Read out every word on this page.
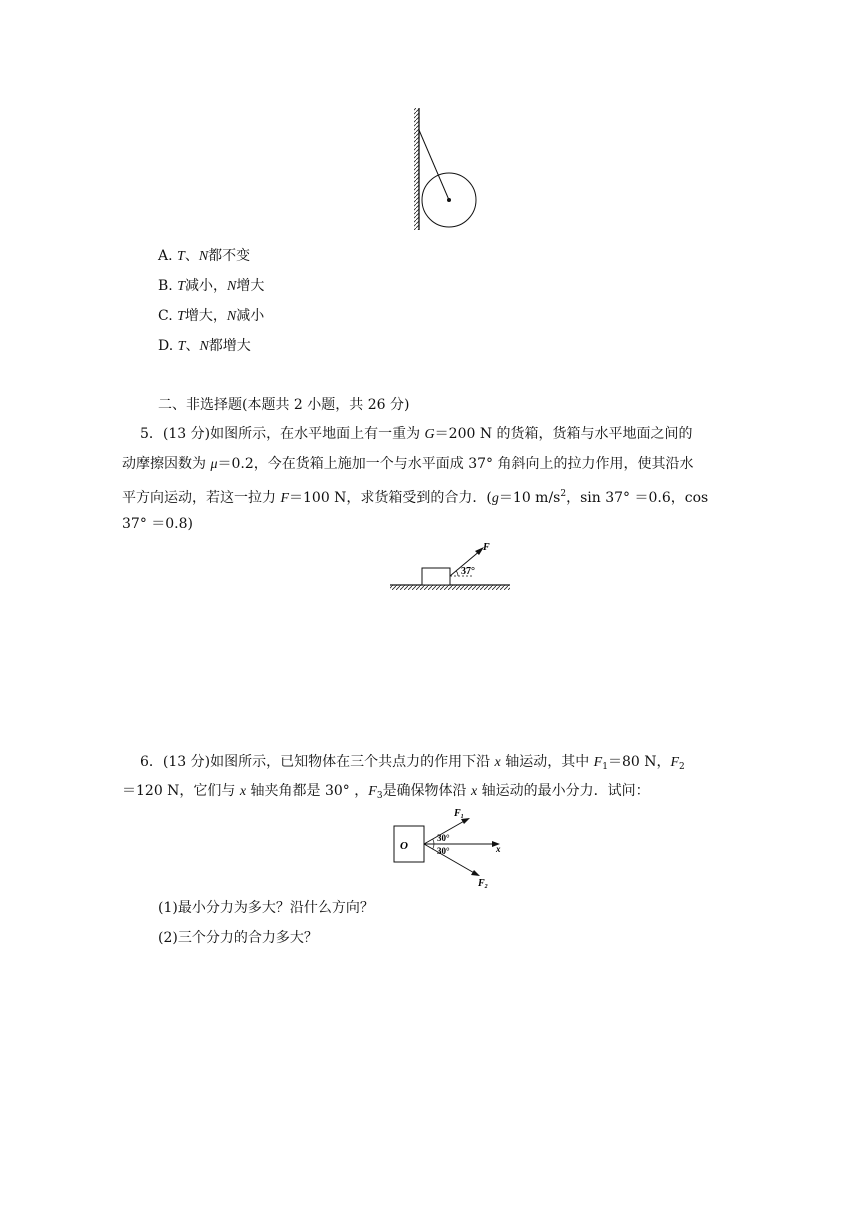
A. T、N都不变
B. T减小，N增大
C. T增大，N减小
D. T、N都增大
二、非选择题(本题共 2 小题，共 26 分)
5．(13 分)如图所示，在水平地面上有一重为 G＝200 N 的货箱，货箱与水平地面之间的
动摩擦因数为 μ＝0.2，今在货箱上施加一个与水平面成 37° 角斜向上的拉力作用，使其沿水
平方向运动，若这一拉力 F＝100 N，求货箱受到的合力．(g＝10 $m/s^2$，sin 37° ＝0.6，cos
37° ＝0.8)
F
37°
6．(13 分)如图所示，已知物体在三个共点力的作用下沿 x 轴运动，其中 $F_1=80$ N，$F_2$
＝120 N，它们与 x 轴夹角都是 30° ，$F_3$是确保物体沿 x 轴运动的最小分力．试问：
O	x
$F_1$
$F_2$
30°
30°
(1)最小分力为多大？沿什么方向？
(2)三个分力的合力多大？
